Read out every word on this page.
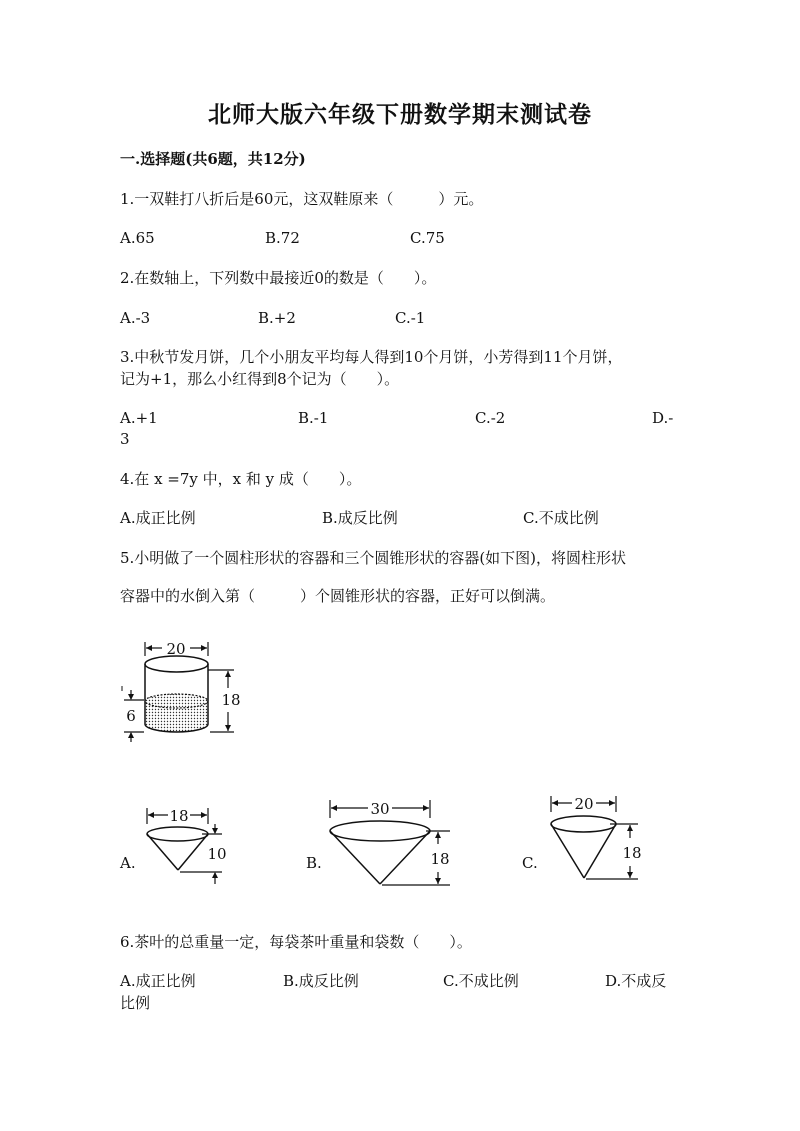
北师大版六年级下册数学期末测试卷
一.选择题(共6题，共12分)
1.一双鞋打八折后是60元，这双鞋原来（　　　）元。
A.65	B.72	C.75
2.在数轴上，下列数中最接近0的数是（　　）。
A.-3	B.+2	C.-1
3.中秋节发月饼，几个小朋友平均每人得到10个月饼，小芳得到11个月饼，
记为+1，那么小红得到8个记为（　　）。
A.+1	B.-1	C.-2	D.-
3
4.在 x =7y 中，x 和 y 成（　　）。
A.成正比例	B.成反比例	C.不成比例
5.小明做了一个圆柱形状的容器和三个圆锥形状的容器(如下图)，将圆柱形状
容器中的水倒入第（　　　）个圆锥形状的容器，正好可以倒满。
20
18
6
A.
18
10	B.
30
18	C.
20
18
6.茶叶的总重量一定，每袋茶叶重量和袋数（　　）。
A.成正比例	B.成反比例	C.不成比例	D.不成反
比例
